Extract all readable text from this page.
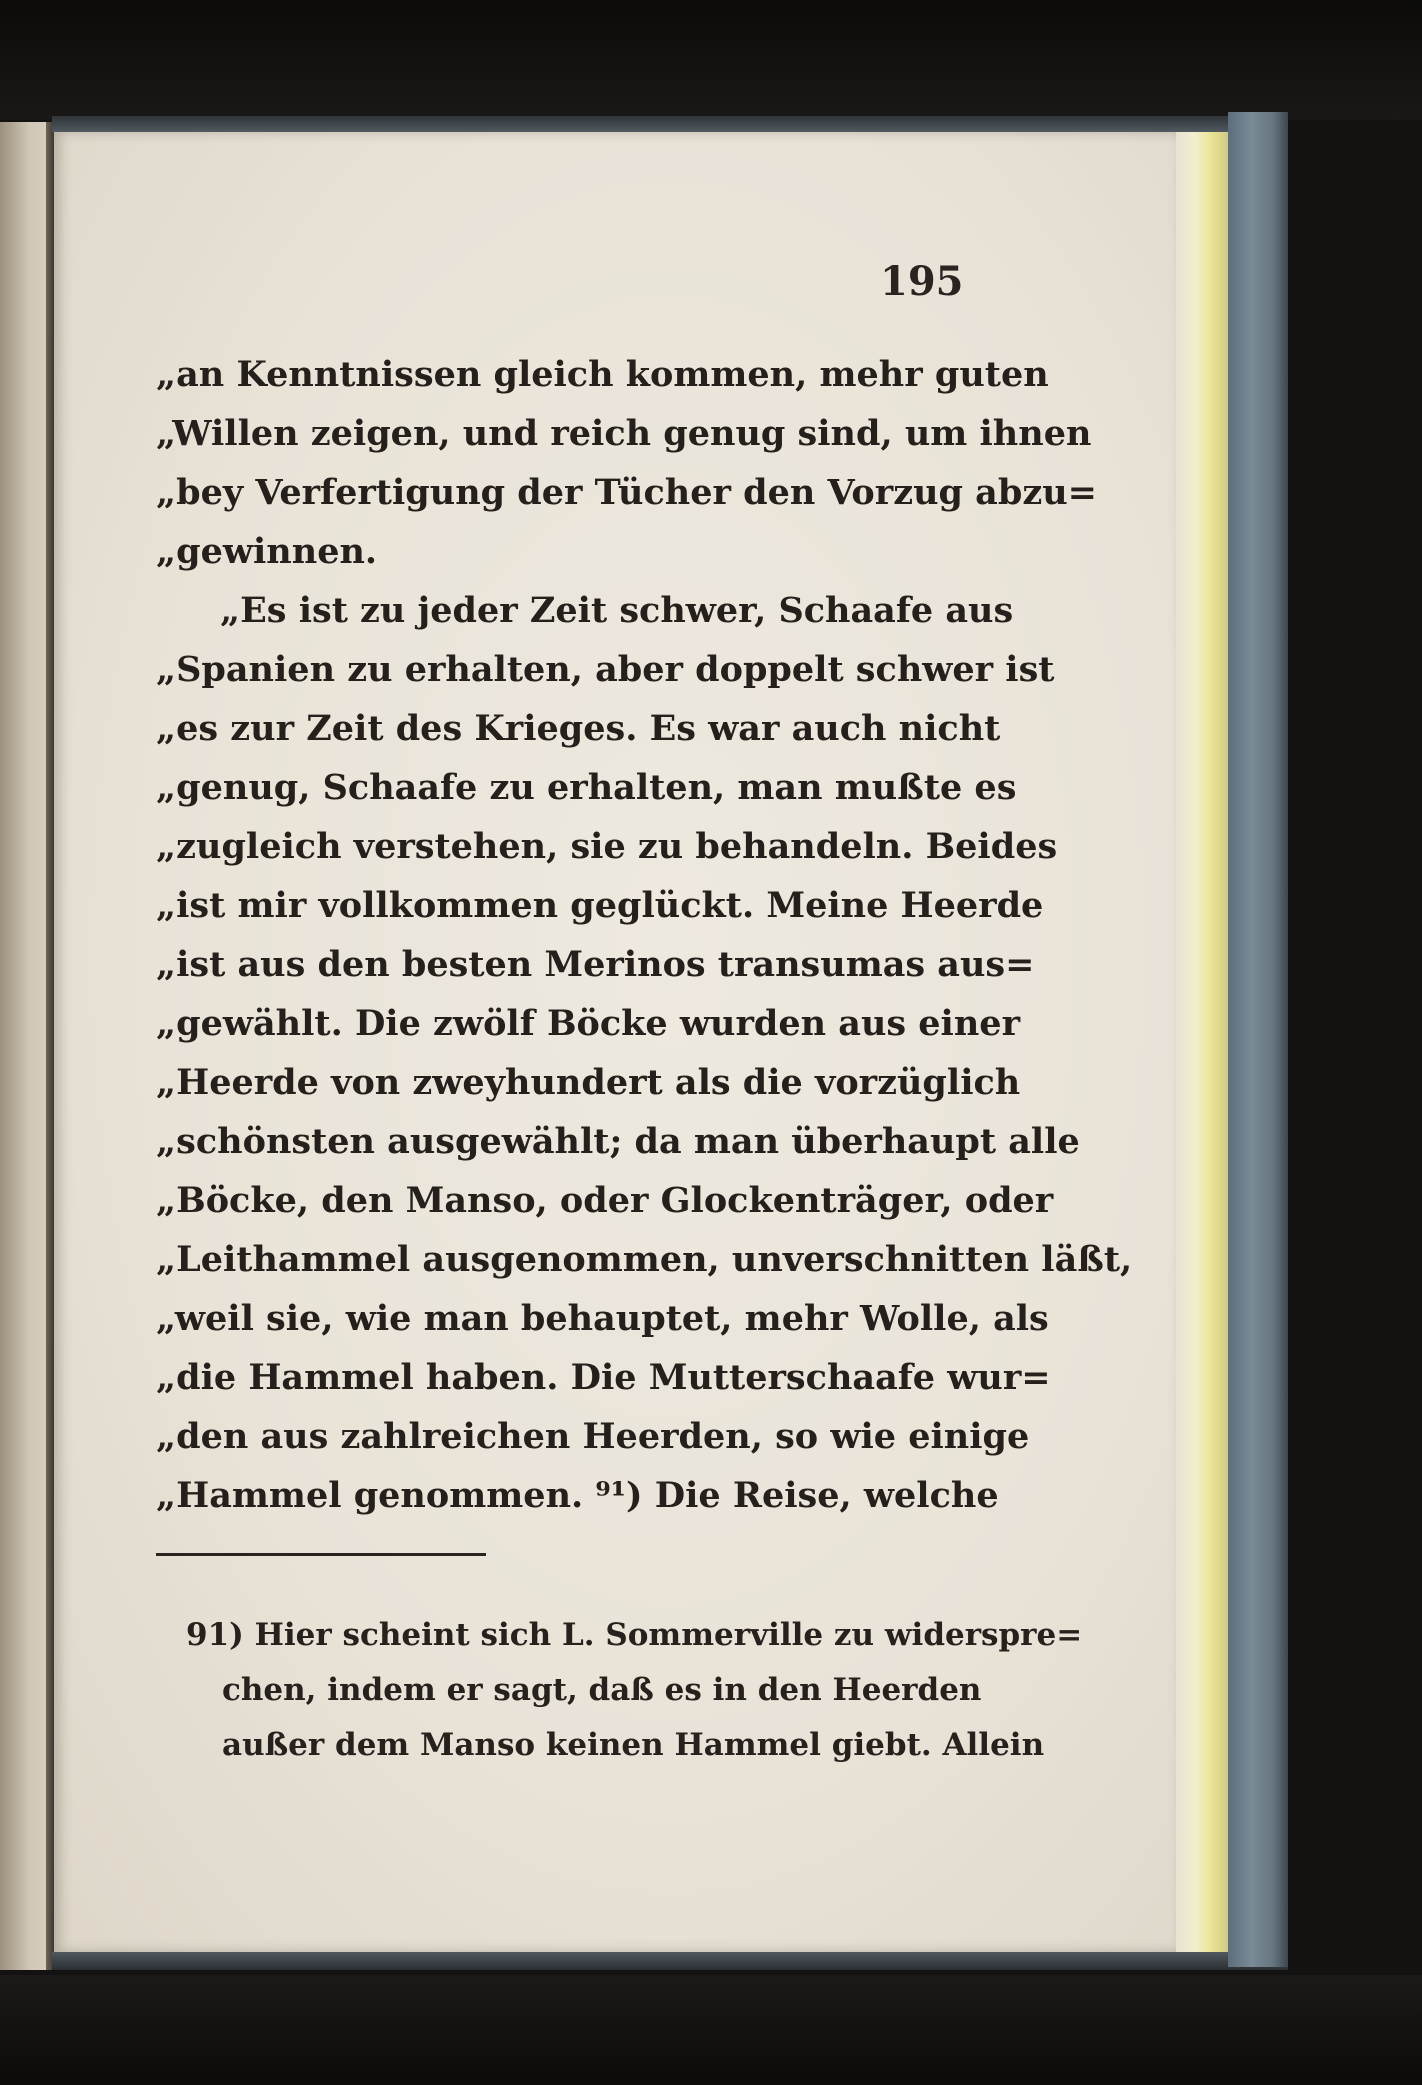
195
„an Kenntnissen gleich kommen, mehr guten
„Willen zeigen, und reich genug sind, um ihnen
„bey Verfertigung der Tücher den Vorzug abzu=
„gewinnen.
„Es ist zu jeder Zeit schwer, Schaafe aus
„Spanien zu erhalten, aber doppelt schwer ist
„es zur Zeit des Krieges. Es war auch nicht
„genug, Schaafe zu erhalten, man mußte es
„zugleich verstehen, sie zu behandeln. Beides
„ist mir vollkommen geglückt. Meine Heerde
„ist aus den besten Merinos transumas aus=
„gewählt. Die zwölf Böcke wurden aus einer
„Heerde von zweyhundert als die vorzüglich
„schönsten ausgewählt; da man überhaupt alle
„Böcke, den Manso, oder Glockenträger, oder
„Leithammel ausgenommen, unverschnitten läßt,
„weil sie, wie man behauptet, mehr Wolle, als
„die Hammel haben. Die Mutterschaafe wur=
„den aus zahlreichen Heerden, so wie einige
„Hammel genommen. ⁹¹) Die Reise, welche
91) Hier scheint sich L. Sommerville zu widerspre=
chen, indem er sagt, daß es in den Heerden
außer dem Manso keinen Hammel giebt. Allein
